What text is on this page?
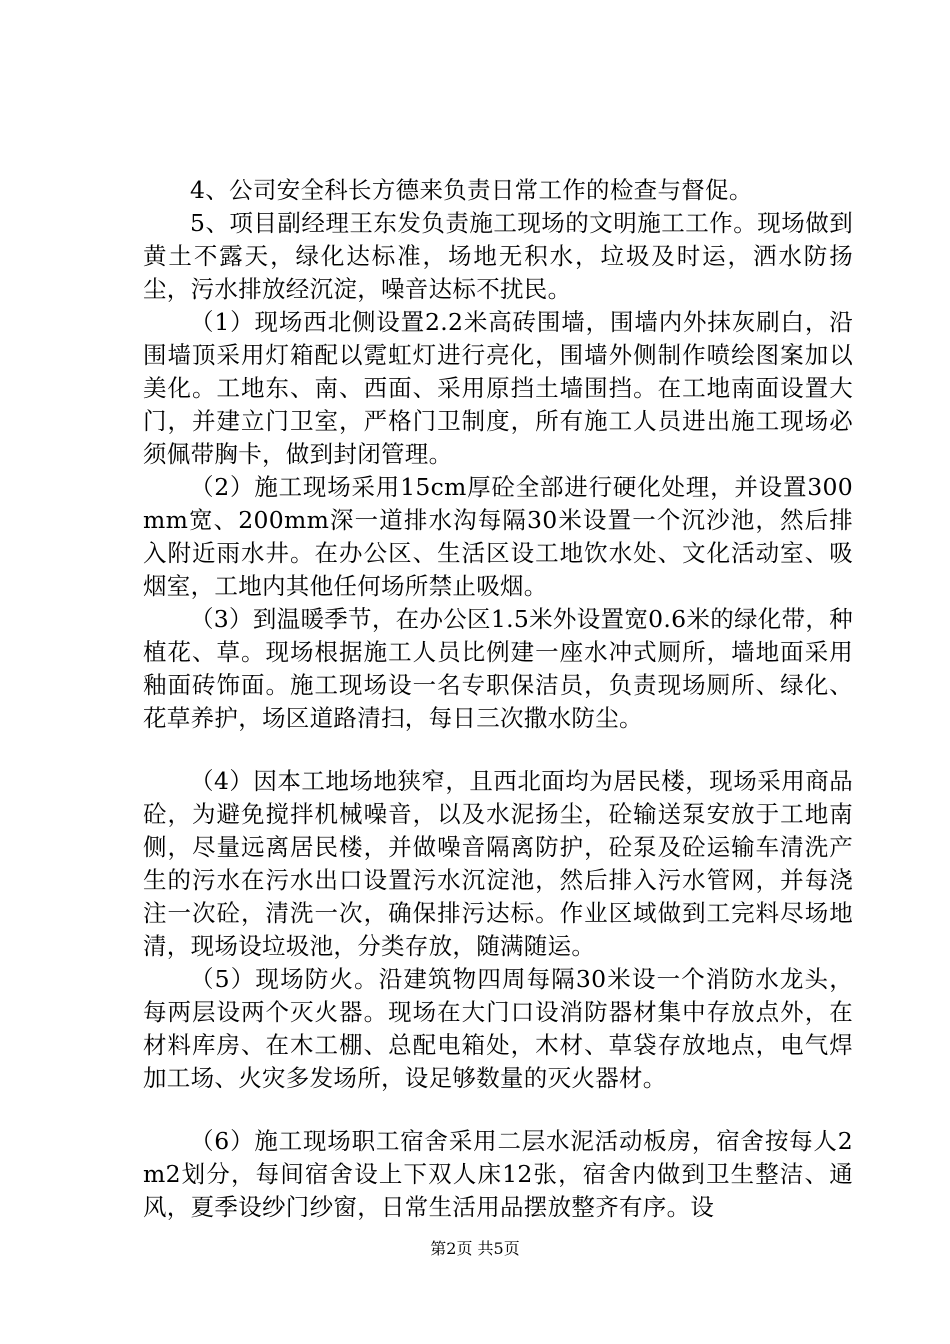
4、公司安全科长方德来负责日常工作的检查与督促。

5、项目副经理王东发负责施工现场的文明施工工作。现场做到黄土不露天，绿化达标准，场地无积水，垃圾及时运，洒水防扬尘，污水排放经沉淀，噪音达标不扰民。

（1）现场西北侧设置2.2米高砖围墙，围墙内外抹灰刷白，沿围墙顶采用灯箱配以霓虹灯进行亮化，围墙外侧制作喷绘图案加以美化。工地东、南、西面、采用原挡土墙围挡。在工地南面设置大门，并建立门卫室，严格门卫制度，所有施工人员进出施工现场必须佩带胸卡，做到封闭管理。

（2）施工现场采用15cm厚砼全部进行硬化处理，并设置300mm宽、200mm深一道排水沟每隔30米设置一个沉沙池，然后排入附近雨水井。在办公区、生活区设工地饮水处、文化活动室、吸烟室，工地内其他任何场所禁止吸烟。

（3）到温暖季节，在办公区1.5米外设置宽0.6米的绿化带，种植花、草。现场根据施工人员比例建一座水冲式厕所，墙地面采用釉面砖饰面。施工现场设一名专职保洁员，负责现场厕所、绿化、花草养护，场区道路清扫，每日三次撒水防尘。

（4）因本工地场地狭窄，且西北面均为居民楼，现场采用商品砼，为避免搅拌机械噪音，以及水泥扬尘，砼输送泵安放于工地南侧，尽量远离居民楼，并做噪音隔离防护，砼泵及砼运输车清洗产生的污水在污水出口设置污水沉淀池，然后排入污水管网，并每浇注一次砼，清洗一次，确保排污达标。作业区域做到工完料尽场地清，现场设垃圾池，分类存放，随满随运。

（5）现场防火。沿建筑物四周每隔30米设一个消防水龙头，每两层设两个灭火器。现场在大门口设消防器材集中存放点外，在材料库房、在木工棚、总配电箱处，木材、草袋存放地点，电气焊加工场、火灾多发场所，设足够数量的灭火器材。

（6）施工现场职工宿舍采用二层水泥活动板房，宿舍按每人2m2划分，每间宿舍设上下双人床12张，宿舍内做到卫生整洁、通风，夏季设纱门纱窗，日常生活用品摆放整齐有序。设

第2页 共5页
